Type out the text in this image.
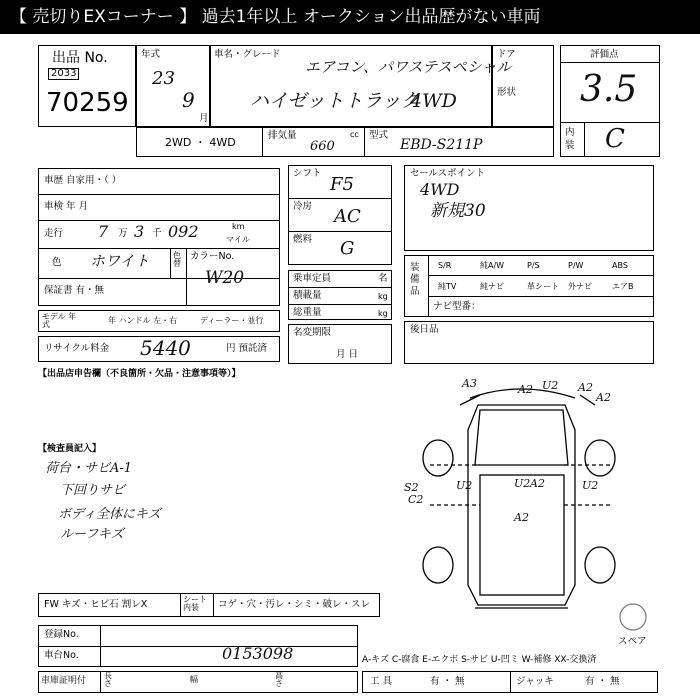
【 売切りEXコーナー 】 過去1年以上 オークション出品歴がない車両
出品 No.
2033
70259
年式
23
9
月
車名・グレード
エアコン、パワステスペシャル
ハイゼットトラック
4WD
ドア
形状
評価点
3.5
内装 C
2WD ・ 4WD
排気量
660
cc 型式
EBD-S211P
車歴 自家用・（ ）
車検 年 月
走行 7 万 3 千 092	km
マイル
色 ホワイト	色替
カラーNo.
W20
保証書 有・無
モデル 年式	年 ハンドル 左・右	ディーラー・並行
リサイクル料金 5440	円 預託済
シフト
F5
冷房 AC
燃料 G
乗車定員	名
積載量	kg
総重量	kg
名変期限
月 日
セールスポイント
4WD
新規30
装備品
S/R	純A/W	P/S	P/W	ABS
純TV	純ナビ	革シート 外ナビ	エアB
ナビ型番：
後日品
【出品店申告欄（不良箇所・欠品・注意事項等）】
【検査員記入】
荷台・サビA-1
下回りサビ
ボディ全体にキズ
ルーフキズ
A3	A2 U2 A2
A2
A2
U2
U2	U2
S2
C2
A2
スペア
FW キズ・ヒビ石 割レX	シート内装	コゲ・穴・汚レ・シミ・破レ・スレ
登録No.
車台No.	0153098
車庫証明付
長さ	幅	高さ
A-キズ C-腐食 E-エクボ S-サビ U-凹ミ W-補修 XX-交換済
工 具	有 ・ 無	ジャッキ	有 ・ 無
